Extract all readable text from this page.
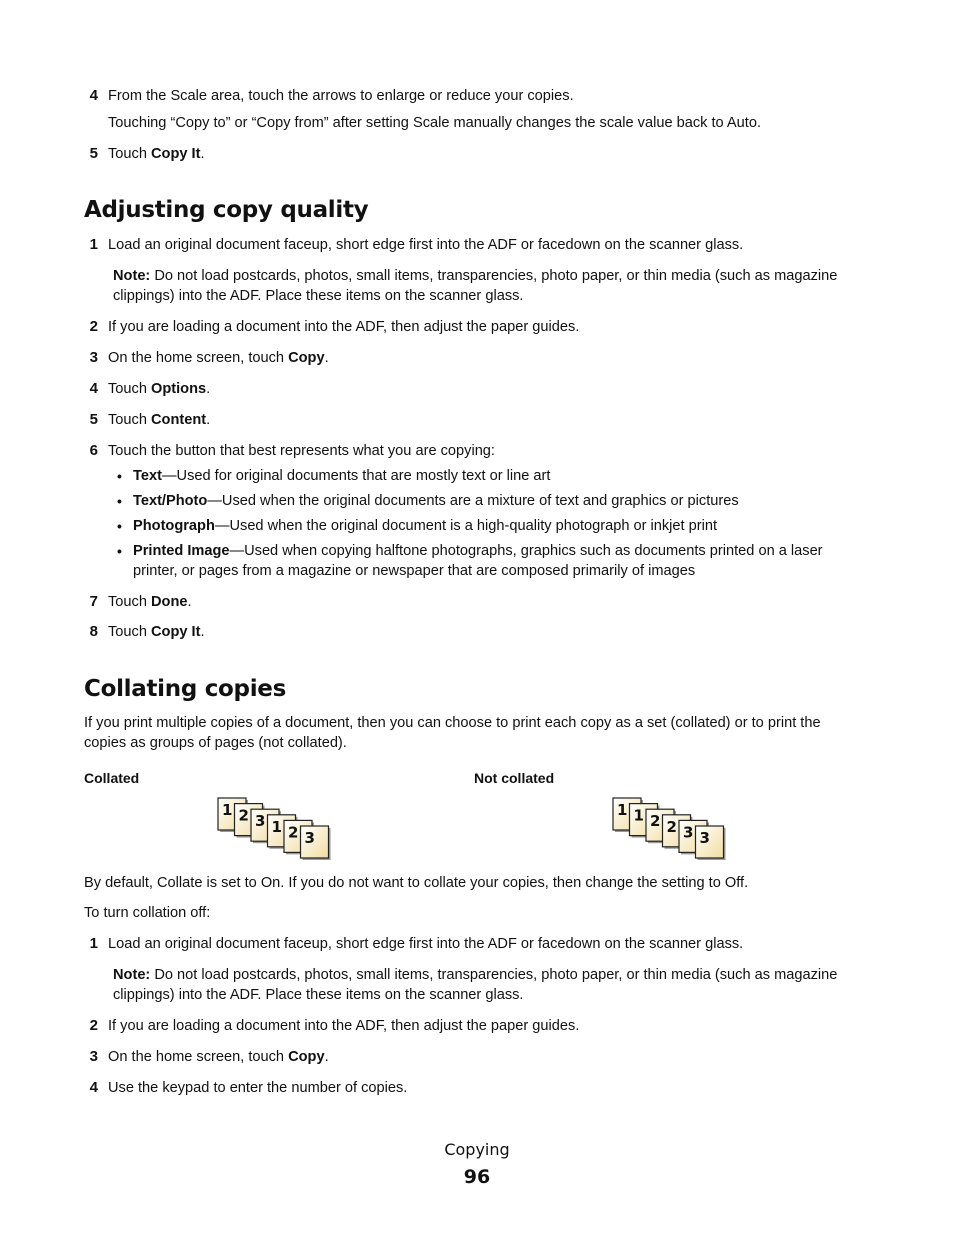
4 From the Scale area, touch the arrows to enlarge or reduce your copies.
Touching “Copy to” or “Copy from” after setting Scale manually changes the scale value back to Auto.
5 Touch Copy It.
Adjusting copy quality
1 Load an original document faceup, short edge first into the ADF or facedown on the scanner glass.
Note: Do not load postcards, photos, small items, transparencies, photo paper, or thin media (such as magazine
clippings) into the ADF. Place these items on the scanner glass.
2 If you are loading a document into the ADF, then adjust the paper guides.
3 On the home screen, touch Copy.
4 Touch Options.
5 Touch Content.
6 Touch the button that best represents what you are copying:
• Text—Used for original documents that are mostly text or line art
• Text/Photo—Used when the original documents are a mixture of text and graphics or pictures
• Photograph—Used when the original document is a high-quality photograph or inkjet print
• Printed Image—Used when copying halftone photographs, graphics such as documents printed on a laser
printer, or pages from a magazine or newspaper that are composed primarily of images
7 Touch Done.
8 Touch Copy It.
Collating copies
If you print multiple copies of a document, then you can choose to print each copy as a set (collated) or to print the
copies as groups of pages (not collated).
Collated	Not collated
1 2 3 1 2 3
1 1 2 2 3 3
By default, Collate is set to On. If you do not want to collate your copies, then change the setting to Off.
To turn collation off:
1 Load an original document faceup, short edge first into the ADF or facedown on the scanner glass.
Note: Do not load postcards, photos, small items, transparencies, photo paper, or thin media (such as magazine
clippings) into the ADF. Place these items on the scanner glass.
2 If you are loading a document into the ADF, then adjust the paper guides.
3 On the home screen, touch Copy.
4 Use the keypad to enter the number of copies.
Copying
96
